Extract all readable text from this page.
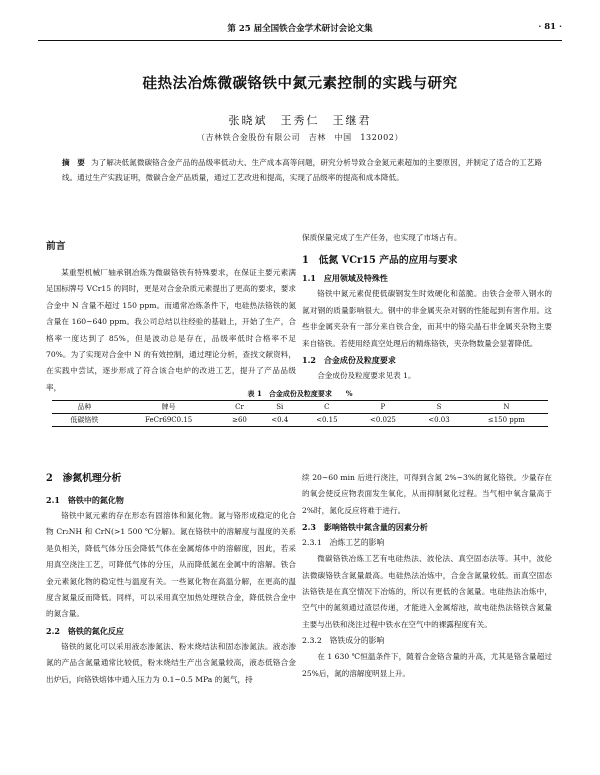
第 25 届全国铁合金学术研讨会论文集	· 81 ·
硅热法冶炼微碳铬铁中氮元素控制的实践与研究
张晓斌　王秀仁　王继君
（吉林铁合金股份有限公司　吉林　中国　132002）
摘　要 为了解决低氮微碳铬合金产品的品级率低动大、生产成本高等问题，研究分析导致合金氮元素超加的主要原因，并制定了适合的工艺路线。通过生产实践证明，微碳合金产品质量，通过工艺改进和提高，实现了品级率的提高和成本降低。
前言

某重型机械厂轴承钢冶炼为微碳铬铁有特殊要求，在保证主要元素满足国标牌号 VCr15 的同时，更是对合金杂质元素提出了更高的要求，要求合金中 N 含量不超过 150 ppm。而通常冶炼条件下，电硅热法铬铁的氮含量在 160~640 ppm。我公司总结以往经验的基础上，开始了生产，合格率一度达到了 85%，但是波动总是存在，品级率低时合格率不足 70%。为了实现对合金中 N 的有效控制，通过理论分析，查找文献资料，在实践中尝试，逐步形成了符合该合电炉的改进工艺，提升了产品品级率，

保质保量完成了生产任务，也实现了市场占有。

1　低氮 VCr15 产品的应用与要求
1.1　应用领域及特殊性

铬铁中氮元素促使低碳钢发生时效硬化和蓝脆。由铁合金带入钢水的氮对钢的质量影响很大。钢中的非金属夹杂对钢的性能起到有害作用。这些非金属夹杂有一部分来自铁合金，而其中的铬尖晶石非金属夹杂物主要来自铬铁。若使用经真空处理后的精炼铬铁，夹杂物数量会显著降低。

1.2　合金成份及粒度要求

合金成份及粒度要求见表 1。

表 1　合金成份及粒度要求　　%
品种	牌号	Cr	Si	C	P	S	N
低碳铬铁	FeCr69C0.15	≥60	<0.4	<0.15	<0.025	<0.03	≤150 ppm
2　渗氮机理分析
2.1　铬铁中的氮化物

铬铁中氮元素的存在形态有固溶体和氮化物。氮与铬形成稳定的化合物 Cr₂NH 和 CrN(>1 500 ℃分解)。氮在铬铁中的溶解度与温度的关系是负相关，降低气体分压会降低气体在金属熔体中的溶解度，因此，若采用真空浇注工艺，可降低气体的分压，从而降低氮在金属中的溶解。铁合金元素氮化物的稳定性与温度有关。一些氮化物在高温分解，在更高的温度含氮量反而降低。同样，可以采用真空加热处理铁合金，降低铁合金中的氮含量。

2.2　铬铁的氮化反应

铬铁的氮化可以采用液态渗氮法、粉末烧结法和固态渗氮法。液态渗氮的产品含氮量通常比较低，粉末烧结生产出含氮量较高，液态低铬合金出炉后，向铬铁熔体中通入压力为 0.1~0.5 MPa 的氮气，持

续 20~60 min 后进行浇注，可得到含氮 2%~3%的氮化铬铁。少量存在的氧会使反应物表面发生氧化，从而抑制氮化过程。当气相中氧含量高于 2%时，氮化反应将难于进行。

2.3　影响铬铁中氮含量的因素分析
2.3.1　冶炼工艺的影响

微碳铬铁冶炼工艺有电硅热法、波伦法、真空固态法等。其中，波伦法微碳铬铁含氮量最高。电硅热法冶炼中，合金含氮量较低。而真空固态法铬铁是在真空情况下冶炼的，所以有更低的含氮量。电硅热法冶炼中，空气中的氮须通过渣层传递，才能进入金属熔池，故电硅热法铬铁含氮量主要与出铁和浇注过程中铁水在空气中的裸露程度有关。

2.3.2　铬铁成分的影响

在 1 630 ℃恒温条件下，随着合金铬含量的升高，尤其是铬含量超过 25%后，氮的溶解度明显上升。
